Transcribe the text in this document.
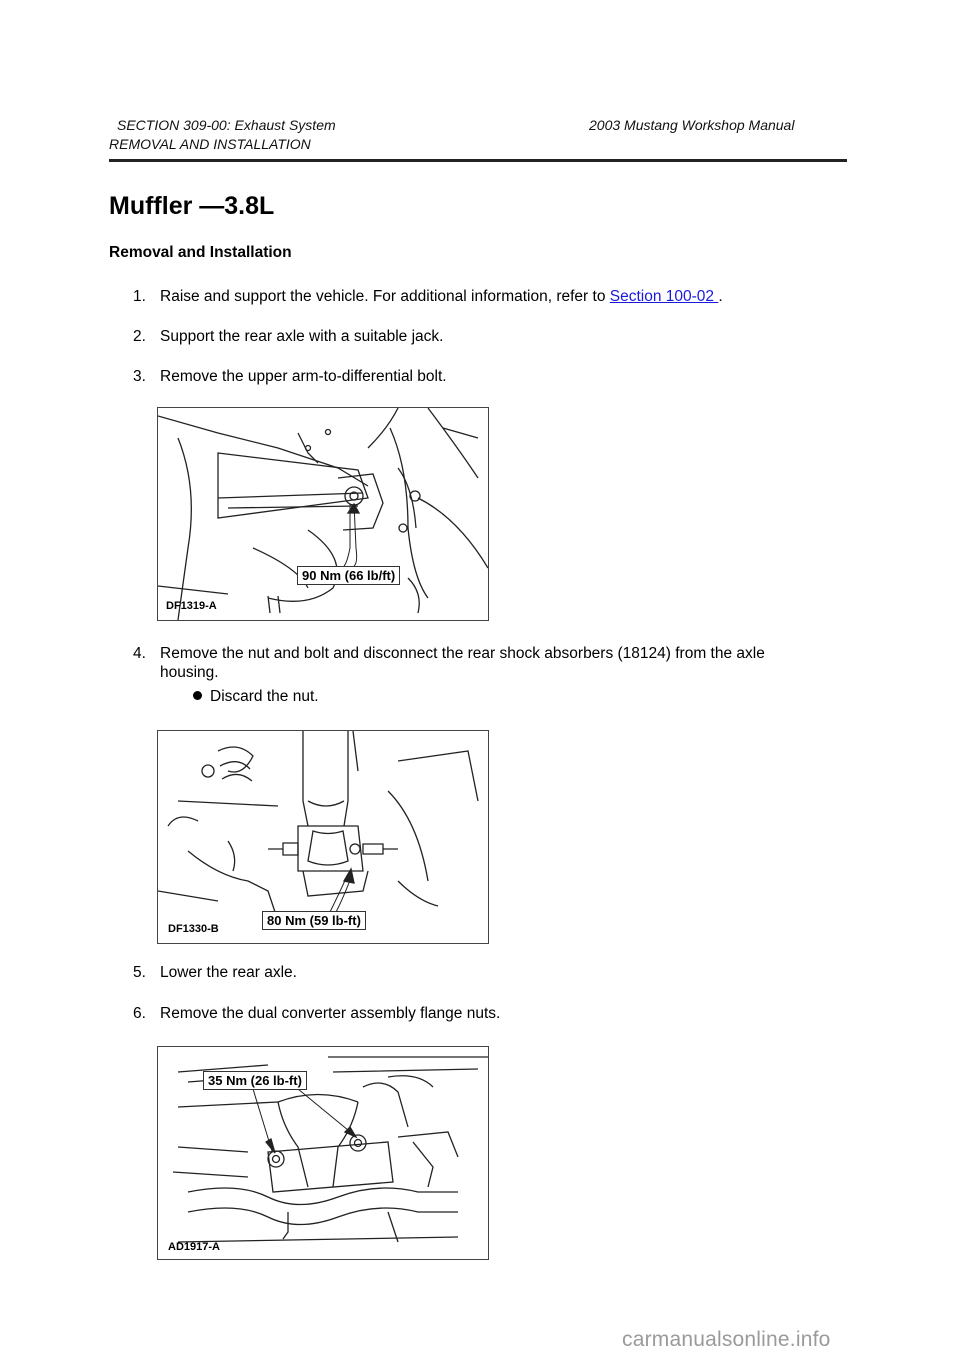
SECTION 309-00: Exhaust System	2003 Mustang Workshop Manual
REMOVAL AND INSTALLATION
Muffler —3.8L
Removal and Installation
1. Raise and support the vehicle. For additional information, refer to Section 100-02 .
2. Support the rear axle with a suitable jack.
3. Remove the upper arm-to-differential bolt.
90 Nm (66 lb/ft)
DF1319-A
4. Remove the nut and bolt and disconnect the rear shock absorbers (18124) from the axle housing.
Discard the nut.
80 Nm (59 lb-ft)
DF1330-B
5. Lower the rear axle.
6. Remove the dual converter assembly flange nuts.
35 Nm (26 lb-ft)
AD1917-A
carmanualsonline.info
